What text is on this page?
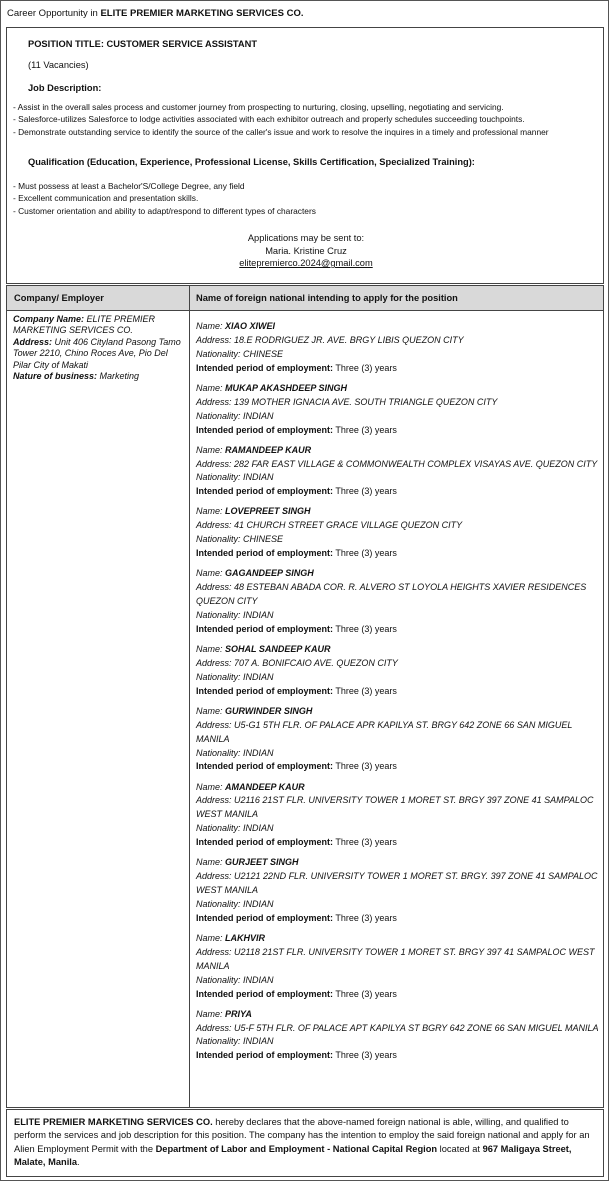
Career Opportunity in ELITE PREMIER MARKETING SERVICES CO.
POSITION TITLE: CUSTOMER SERVICE ASSISTANT
(11 Vacancies)
Job Description:
- Assist in the overall sales process and customer journey from prospecting to nurturing, closing, upselling, negotiating and servicing.
- Salesforce-utilizes Salesforce to lodge activities associated with each exhibitor outreach and properly schedules succeeding touchpoints.
- Demonstrate outstanding service to identify the source of the caller's issue and work to resolve the inquires in a timely and professional manner
Qualification (Education, Experience, Professional License, Skills Certification, Specialized Training):
- Must possess at least a Bachelor'S/College Degree, any field
- Excellent communication and presentation skills.
- Customer orientation and ability to adapt/respond to different types of characters
Applications may be sent to:
Maria. Kristine Cruz
elitepremierco.2024@gmail.com
Company/ Employer	Name of foreign national intending to apply for the position
Company Name: ELITE PREMIER MARKETING SERVICES CO.
Address: Unit 406 Cityland Pasong Tamo Tower 2210, Chino Roces Ave, Pio Del Pilar City of Makati
Nature of business: Marketing
Name: XIAO XIWEI
Address: 18.E RODRIGUEZ JR. AVE. BRGY LIBIS QUEZON CITY
Nationality: CHINESE
Intended period of employment: Three (3) years
Name: MUKAP AKASHDEEP SINGH
Address: 139 MOTHER IGNACIA AVE. SOUTH TRIANGLE QUEZON CITY
Nationality: INDIAN
Intended period of employment: Three (3) years
Name: RAMANDEEP KAUR
Address: 282 FAR EAST VILLAGE & COMMONWEALTH COMPLEX VISAYAS AVE. QUEZON CITY
Nationality: INDIAN
Intended period of employment: Three (3) years
Name: LOVEPREET SINGH
Address: 41 CHURCH STREET GRACE VILLAGE QUEZON CITY
Nationality: CHINESE
Intended period of employment: Three (3) years
Name: GAGANDEEP SINGH
Address: 48 ESTEBAN ABADA COR. R. ALVERO ST LOYOLA HEIGHTS XAVIER RESIDENCES QUEZON CITY
Nationality: INDIAN
Intended period of employment: Three (3) years
Name: SOHAL SANDEEP KAUR
Address: 707 A. BONIFCAIO AVE. QUEZON CITY
Nationality: INDIAN
Intended period of employment: Three (3) years
Name: GURWINDER SINGH
Address: U5-G1 5TH FLR. OF PALACE APR KAPILYA ST. BRGY 642 ZONE 66 SAN MIGUEL MANILA
Nationality: INDIAN
Intended period of employment: Three (3) years
Name: AMANDEEP KAUR
Address: U2116 21ST FLR. UNIVERSITY TOWER 1 MORET ST. BRGY 397 ZONE 41 SAMPALOC WEST MANILA
Nationality: INDIAN
Intended period of employment: Three (3) years
Name: GURJEET SINGH
Address: U2121 22ND FLR. UNIVERSITY TOWER 1 MORET ST. BRGY. 397 ZONE 41 SAMPALOC WEST MANILA
Nationality: INDIAN
Intended period of employment: Three (3) years
Name: LAKHVIR
Address: U2118 21ST FLR. UNIVERSITY TOWER 1 MORET ST. BRGY 397 41 SAMPALOC WEST MANILA
Nationality: INDIAN
Intended period of employment: Three (3) years
Name: PRIYA
Address: U5-F 5TH FLR. OF PALACE APT KAPILYA ST BGRY 642 ZONE 66 SAN MIGUEL MANILA
Nationality: INDIAN
Intended period of employment: Three (3) years
ELITE PREMIER MARKETING SERVICES CO. hereby declares that the above-named foreign national is able, willing, and qualified to perform the services and job description for this position. The company has the intention to employ the said foreign national and apply for an Alien Employment Permit with the Department of Labor and Employment - National Capital Region located at 967 Maligaya Street, Malate, Manila.
